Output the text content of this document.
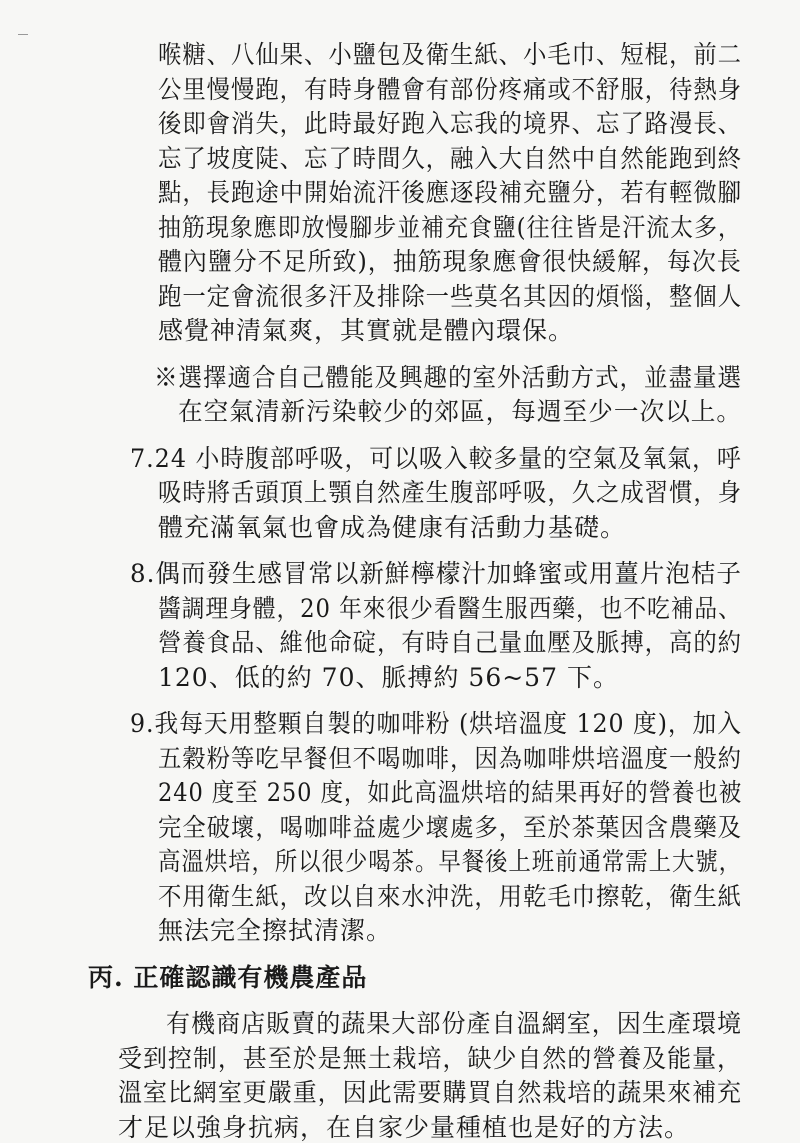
喉糖、八仙果、小鹽包及衛生紙、小毛巾、短棍，前二
公里慢慢跑，有時身體會有部份疼痛或不舒服，待熱身
後即會消失，此時最好跑入忘我的境界、忘了路漫長、
忘了坡度陡、忘了時間久，融入大自然中自然能跑到終
點，長跑途中開始流汗後應逐段補充鹽分，若有輕微腳
抽筋現象應即放慢腳步並補充食鹽(往往皆是汗流太多，
體內鹽分不足所致)，抽筋現象應會很快緩解，每次長
跑一定會流很多汗及排除一些莫名其因的煩惱，整個人
感覺神清氣爽，其實就是體內環保。
※選擇適合自己體能及興趣的室外活動方式，並盡量選
在空氣清新污染較少的郊區，每週至少一次以上。
7.24 小時腹部呼吸，可以吸入較多量的空氣及氧氣，呼
吸時將舌頭頂上顎自然產生腹部呼吸，久之成習慣，身
體充滿氧氣也會成為健康有活動力基礎。
8.偶而發生感冒常以新鮮檸檬汁加蜂蜜或用薑片泡桔子
醬調理身體，20 年來很少看醫生服西藥，也不吃補品、
營養食品、維他命碇，有時自己量血壓及脈搏，高的約
120、低的約 70、脈搏約 56~57 下。
9.我每天用整顆自製的咖啡粉 (烘培溫度 120 度)，加入
五穀粉等吃早餐但不喝咖啡，因為咖啡烘培溫度一般約
240 度至 250 度，如此高溫烘培的結果再好的營養也被
完全破壞，喝咖啡益處少壞處多，至於茶葉因含農藥及
高溫烘培，所以很少喝茶。早餐後上班前通常需上大號，
不用衛生紙，改以自來水沖洗，用乾毛巾擦乾，衛生紙
無法完全擦拭清潔。
丙. 正確認識有機農產品
有機商店販賣的蔬果大部份產自溫網室，因生產環境
受到控制，甚至於是無土栽培，缺少自然的營養及能量，
溫室比網室更嚴重，因此需要購買自然栽培的蔬果來補充
才足以強身抗病，在自家少量種植也是好的方法。
